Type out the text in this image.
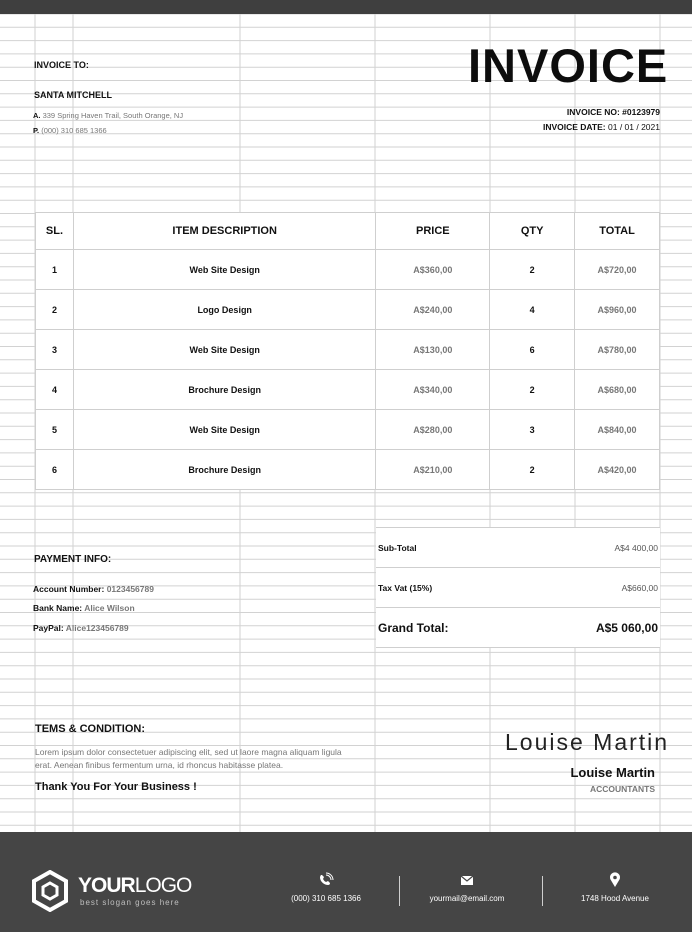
INVOICE
INVOICE TO:
SANTA MITCHELL
A. 339 Spring Haven Trail, South Orange, NJ
P. (000) 310 685 1366
INVOICE NO: #0123979
INVOICE DATE: 01 / 01 / 2021
SL.	ITEM DESCRIPTION	PRICE	QTY	TOTAL
1	Web Site Design	A$360,00	2	A$720,00
2	Logo Design	A$240,00	4	A$960,00
3	Web Site Design	A$130,00	6	A$780,00
4	Brochure Design	A$340,00	2	A$680,00
5	Web Site Design	A$280,00	3	A$840,00
6	Brochure Design	A$210,00	2	A$420,00
Sub-Total	A$4 400,00
Tax Vat (15%)	A$660,00
Grand Total:	A$5 060,00
PAYMENT INFO:
Account Number: 0123456789
Bank Name: Alice Wilson
PayPal: Alice123456789
TEMS & CONDITION:
Lorem ipsum dolor consectetuer adipiscing elit, sed ut laore magna aliquam ligula
erat. Aenean finibus fermentum urna, id rhoncus habitasse platea.
Thank You For Your Business !
Louise Martin
Louise Martin
ACCOUNTANTS
YOURLOGO
best slogan goes here	(000) 310 685 1366	yourmail@email.com	1748 Hood Avenue
